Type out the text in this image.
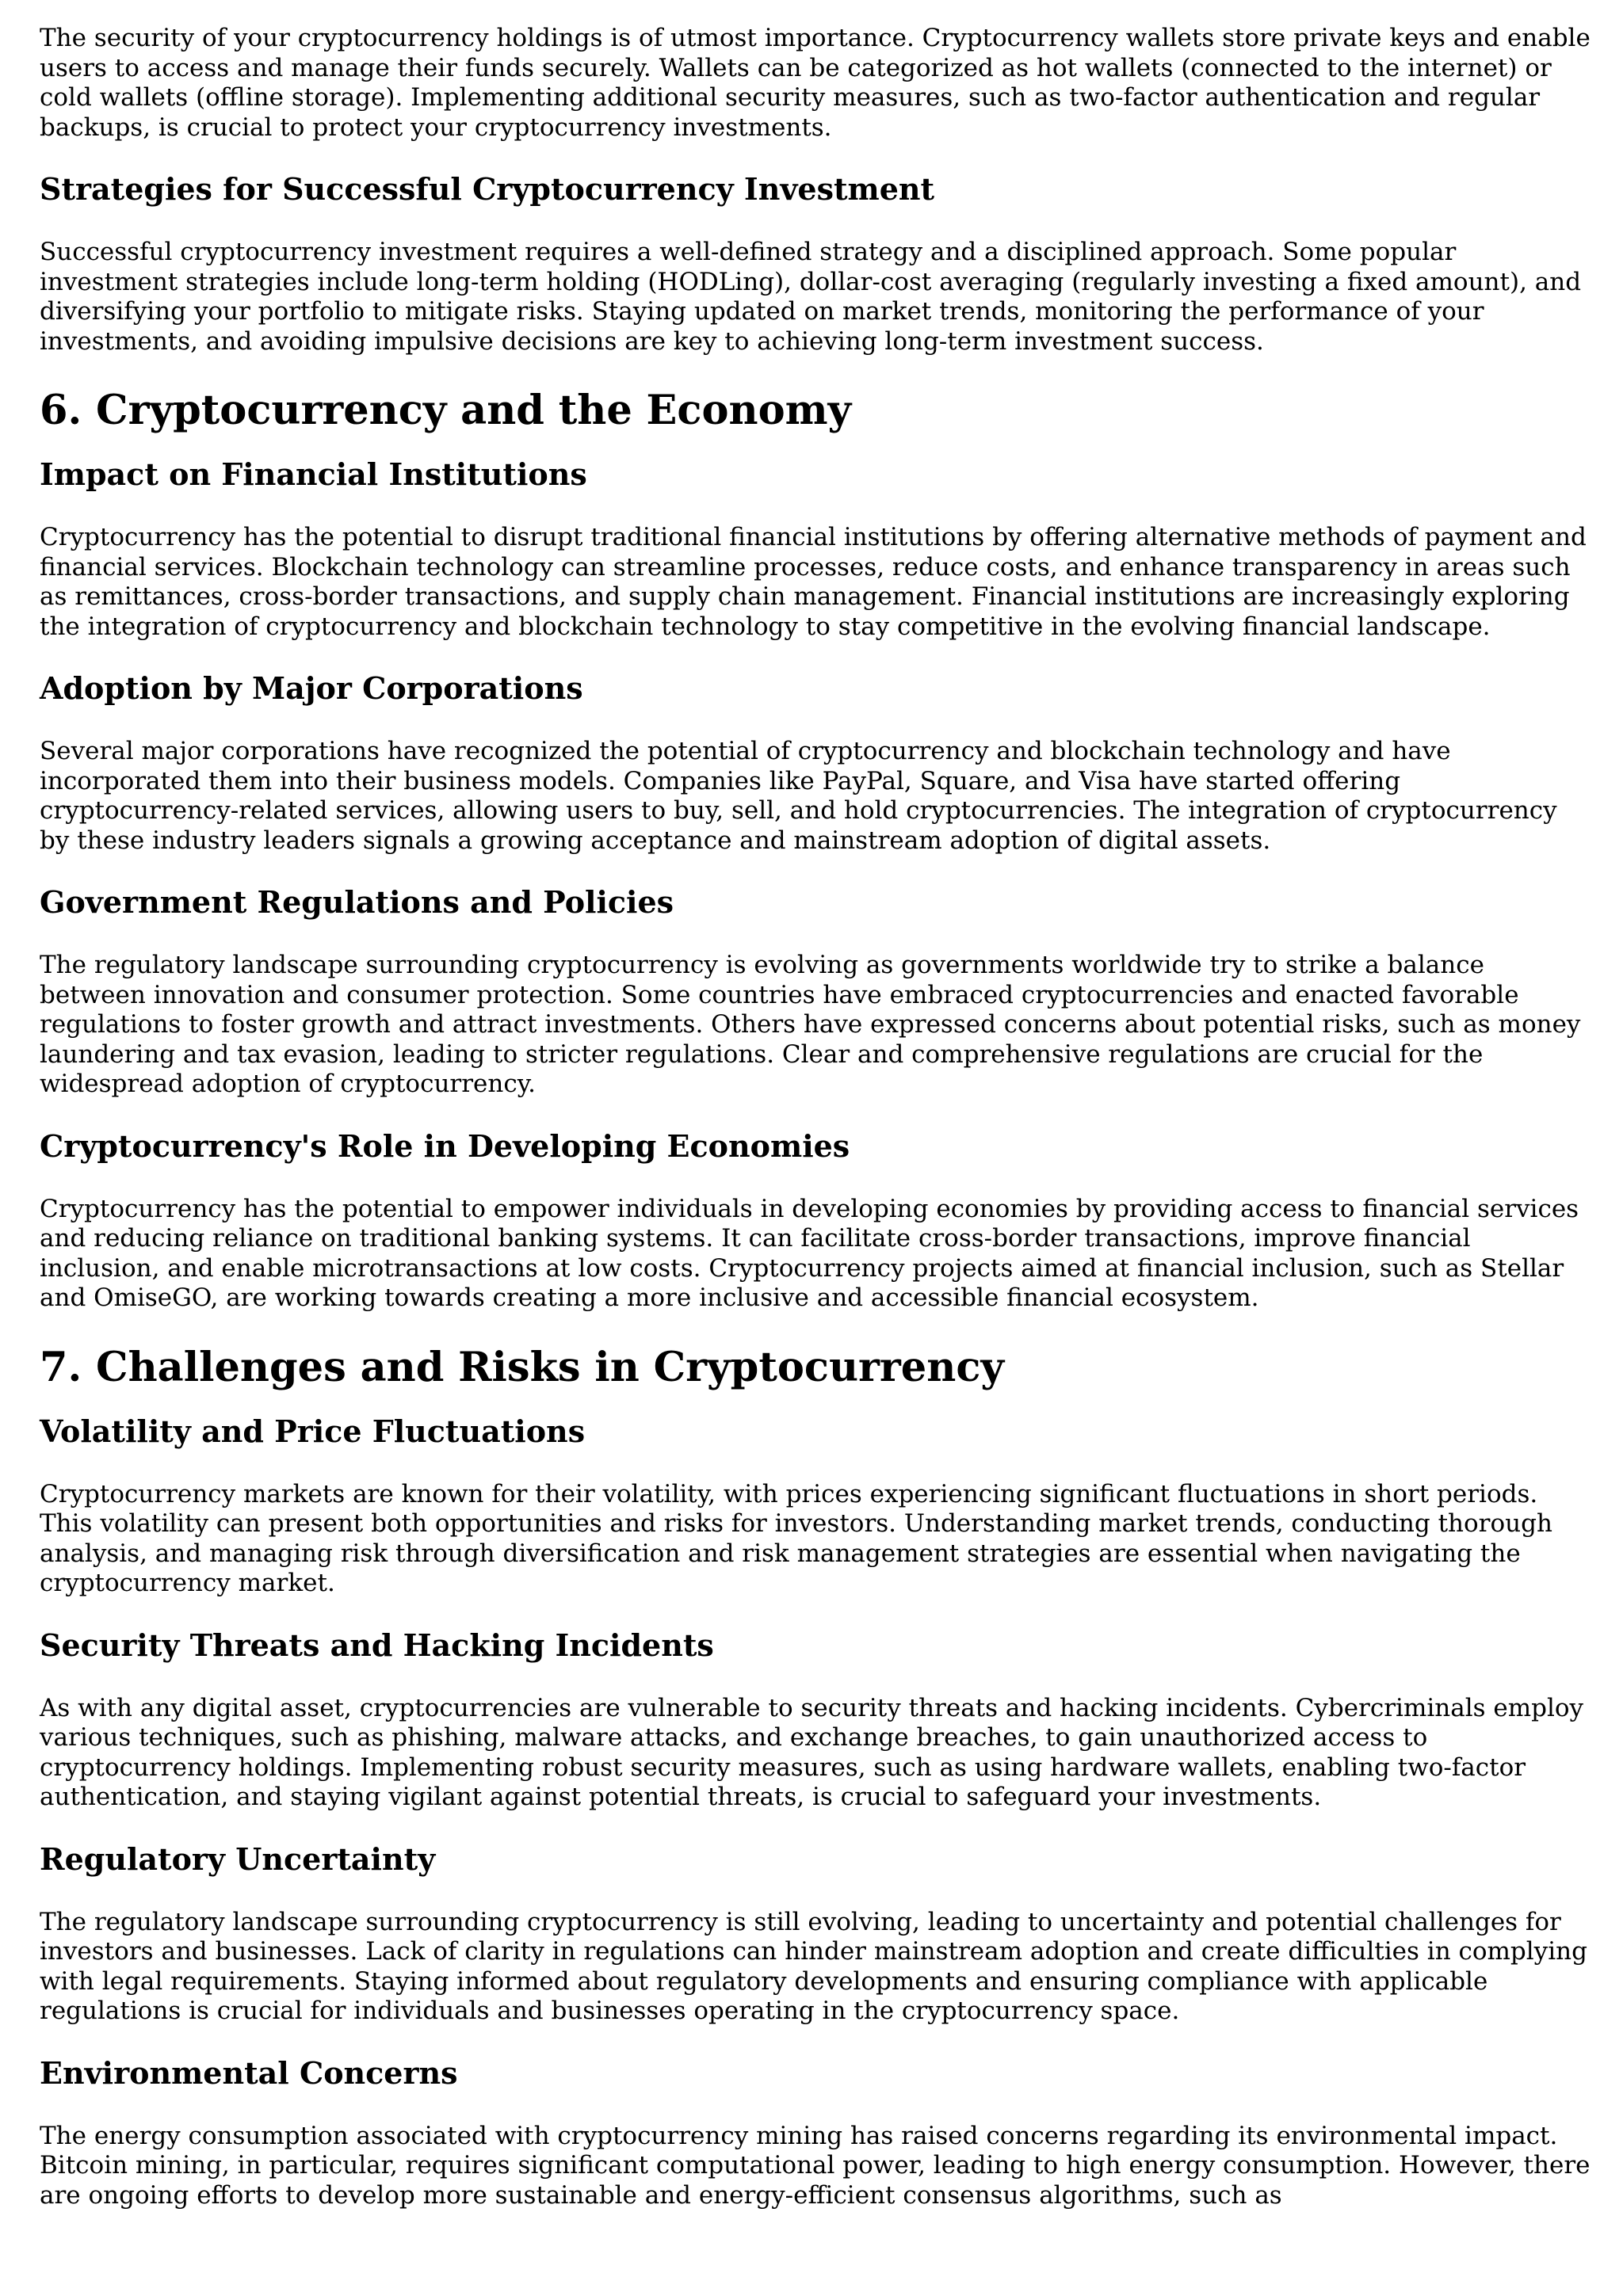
The security of your cryptocurrency holdings is of utmost importance. Cryptocurrency wallets store private keys and enable users to access and manage their funds securely. Wallets can be categorized as hot wallets (connected to the internet) or cold wallets (offline storage). Implementing additional security measures, such as two-factor authentication and regular backups, is crucial to protect your cryptocurrency investments.

Strategies for Successful Cryptocurrency Investment

Successful cryptocurrency investment requires a well-defined strategy and a disciplined approach. Some popular investment strategies include long-term holding (HODLing), dollar-cost averaging (regularly investing a fixed amount), and diversifying your portfolio to mitigate risks. Staying updated on market trends, monitoring the performance of your investments, and avoiding impulsive decisions are key to achieving long-term investment success.

6. Cryptocurrency and the Economy
Impact on Financial Institutions

Cryptocurrency has the potential to disrupt traditional financial institutions by offering alternative methods of payment and financial services. Blockchain technology can streamline processes, reduce costs, and enhance transparency in areas such as remittances, cross-border transactions, and supply chain management. Financial institutions are increasingly exploring the integration of cryptocurrency and blockchain technology to stay competitive in the evolving financial landscape.

Adoption by Major Corporations

Several major corporations have recognized the potential of cryptocurrency and blockchain technology and have incorporated them into their business models. Companies like PayPal, Square, and Visa have started offering cryptocurrency-related services, allowing users to buy, sell, and hold cryptocurrencies. The integration of cryptocurrency by these industry leaders signals a growing acceptance and mainstream adoption of digital assets.

Government Regulations and Policies

The regulatory landscape surrounding cryptocurrency is evolving as governments worldwide try to strike a balance between innovation and consumer protection. Some countries have embraced cryptocurrencies and enacted favorable regulations to foster growth and attract investments. Others have expressed concerns about potential risks, such as money laundering and tax evasion, leading to stricter regulations. Clear and comprehensive regulations are crucial for the widespread adoption of cryptocurrency.

Cryptocurrency's Role in Developing Economies

Cryptocurrency has the potential to empower individuals in developing economies by providing access to financial services and reducing reliance on traditional banking systems. It can facilitate cross-border transactions, improve financial inclusion, and enable microtransactions at low costs. Cryptocurrency projects aimed at financial inclusion, such as Stellar and OmiseGO, are working towards creating a more inclusive and accessible financial ecosystem.

7. Challenges and Risks in Cryptocurrency
Volatility and Price Fluctuations

Cryptocurrency markets are known for their volatility, with prices experiencing significant fluctuations in short periods. This volatility can present both opportunities and risks for investors. Understanding market trends, conducting thorough analysis, and managing risk through diversification and risk management strategies are essential when navigating the cryptocurrency market.

Security Threats and Hacking Incidents

As with any digital asset, cryptocurrencies are vulnerable to security threats and hacking incidents. Cybercriminals employ various techniques, such as phishing, malware attacks, and exchange breaches, to gain unauthorized access to cryptocurrency holdings. Implementing robust security measures, such as using hardware wallets, enabling two-factor authentication, and staying vigilant against potential threats, is crucial to safeguard your investments.

Regulatory Uncertainty

The regulatory landscape surrounding cryptocurrency is still evolving, leading to uncertainty and potential challenges for investors and businesses. Lack of clarity in regulations can hinder mainstream adoption and create difficulties in complying with legal requirements. Staying informed about regulatory developments and ensuring compliance with applicable regulations is crucial for individuals and businesses operating in the cryptocurrency space.

Environmental Concerns

The energy consumption associated with cryptocurrency mining has raised concerns regarding its environmental impact. Bitcoin mining, in particular, requires significant computational power, leading to high energy consumption. However, there are ongoing efforts to develop more sustainable and energy-efficient consensus algorithms, such as
